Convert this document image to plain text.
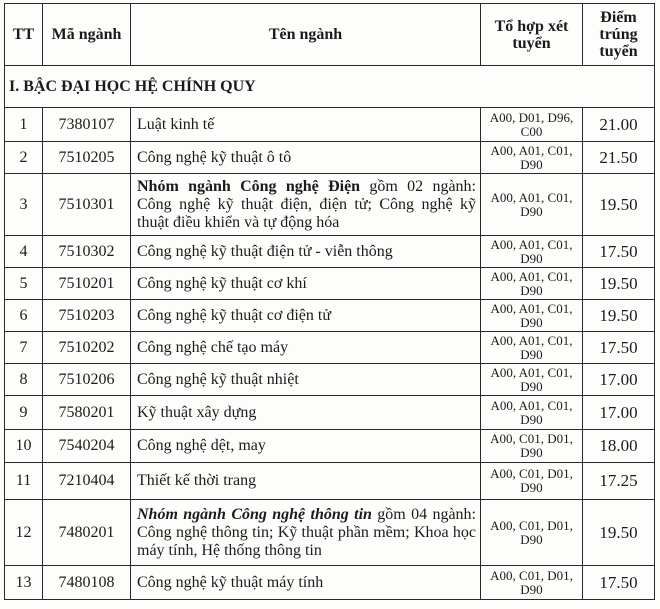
TT	Mã ngành	Tên ngành	Tổ hợp xét tuyển	Điểm trúng tuyển
I. BẬC ĐẠI HỌC HỆ CHÍNH QUY				
1	7380107	Luật kinh tế	A00, D01, D96, C00	21.00
2	7510205	Công nghệ kỹ thuật ô tô	A00, A01, C01, D90	21.50
3	7510301	Nhóm ngành Công nghệ Điện gồm 02 ngành: Công nghệ kỹ thuật điện, điện tử; Công nghệ kỹ thuật điều khiển và tự động hóa	A00, A01, C01, D90	19.50
4	7510302	Công nghệ kỹ thuật điện tử - viễn thông	A00, A01, C01, D90	17.50
5	7510201	Công nghệ kỹ thuật cơ khí	A00, A01, C01, D90	19.50
6	7510203	Công nghệ kỹ thuật cơ điện tử	A00, A01, C01, D90	19.50
7	7510202	Công nghệ chế tạo máy	A00, A01, C01, D90	17.50
8	7510206	Công nghệ kỹ thuật nhiệt	A00, A01, C01, D90	17.00
9	7580201	Kỹ thuật xây dựng	A00, A01, C01, D90	17.00
10	7540204	Công nghệ dệt, may	A00, C01, D01, D90	18.00
11	7210404	Thiết kế thời trang	A00, C01, D01, D90	17.25
12	7480201	Nhóm ngành Công nghệ thông tin gồm 04 ngành: Công nghệ thông tin; Kỹ thuật phần mềm; Khoa học máy tính, Hệ thống thông tin	A00, C01, D01, D90	19.50
13	7480108	Công nghệ kỹ thuật máy tính	A00, C01, D01, D90	17.50
